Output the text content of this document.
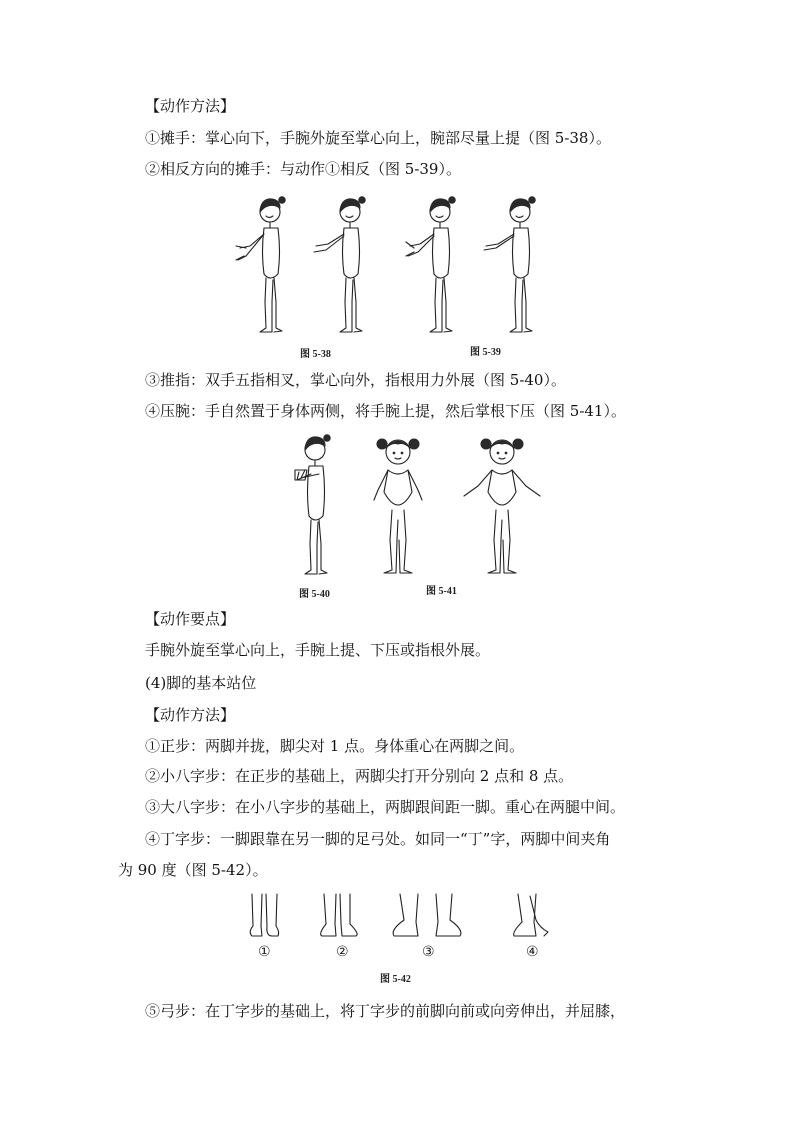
【动作方法】
①摊手：掌心向下，手腕外旋至掌心向上，腕部尽量上提（图 5-38）。
②相反方向的摊手：与动作①相反（图 5-39）。
图 5-38	图 5-39
③推指：双手五指相叉，掌心向外，指根用力外展（图 5-40）。
④压腕：手自然置于身体两侧，将手腕上提，然后掌根下压（图 5-41）。
图 5-40	图 5-41
【动作要点】
手腕外旋至掌心向上，手腕上提、下压或指根外展。
(4)脚的基本站位
【动作方法】
①正步：两脚并拢，脚尖对 1 点。身体重心在两脚之间。
②小八字步：在正步的基础上，两脚尖打开分别向 2 点和 8 点。
③大八字步：在小八字步的基础上，两脚跟间距一脚。重心在两腿中间。
④丁字步：一脚跟靠在另一脚的足弓处。如同一“丁”字，两脚中间夹角
为 90 度（图 5-42）。
①	②	③	④
图 5-42
⑤弓步：在丁字步的基础上，将丁字步的前脚向前或向旁伸出，并屈膝，
